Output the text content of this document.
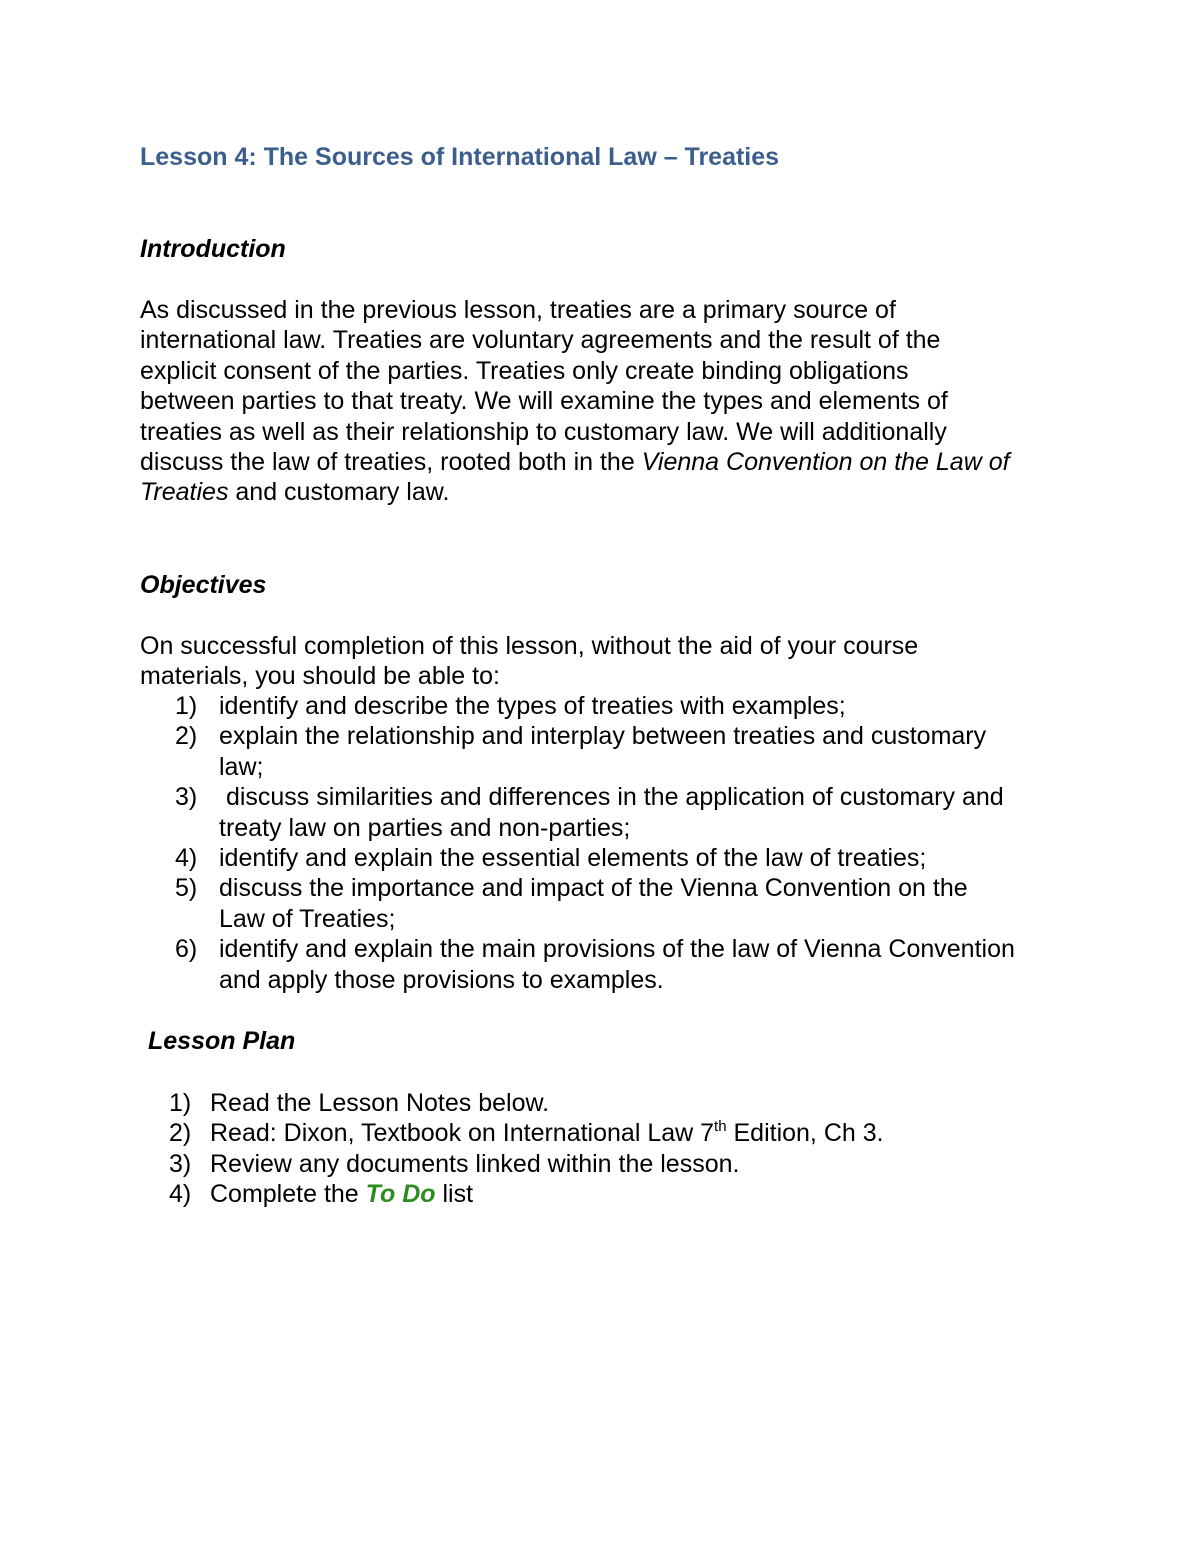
Lesson 4: The Sources of International Law – Treaties
Introduction
As discussed in the previous lesson, treaties are a primary source of
international law. Treaties are voluntary agreements and the result of the
explicit consent of the parties. Treaties only create binding obligations
between parties to that treaty. We will examine the types and elements of
treaties as well as their relationship to customary law. We will additionally
discuss the law of treaties, rooted both in the Vienna Convention on the Law of
Treaties and customary law.
Objectives
On successful completion of this lesson, without the aid of your course
materials, you should be able to:
1) identify and describe the types of treaties with examples;
2) explain the relationship and interplay between treaties and customary
law;
3) discuss similarities and differences in the application of customary and
treaty law on parties and non-parties;
4) identify and explain the essential elements of the law of treaties;
5) discuss the importance and impact of the Vienna Convention on the
Law of Treaties;
6) identify and explain the main provisions of the law of Vienna Convention
and apply those provisions to examples.
Lesson Plan
1) Read the Lesson Notes below.
2) Read: Dixon, Textbook on International Law 7th Edition, Ch 3.
3) Review any documents linked within the lesson.
4) Complete the To Do list
